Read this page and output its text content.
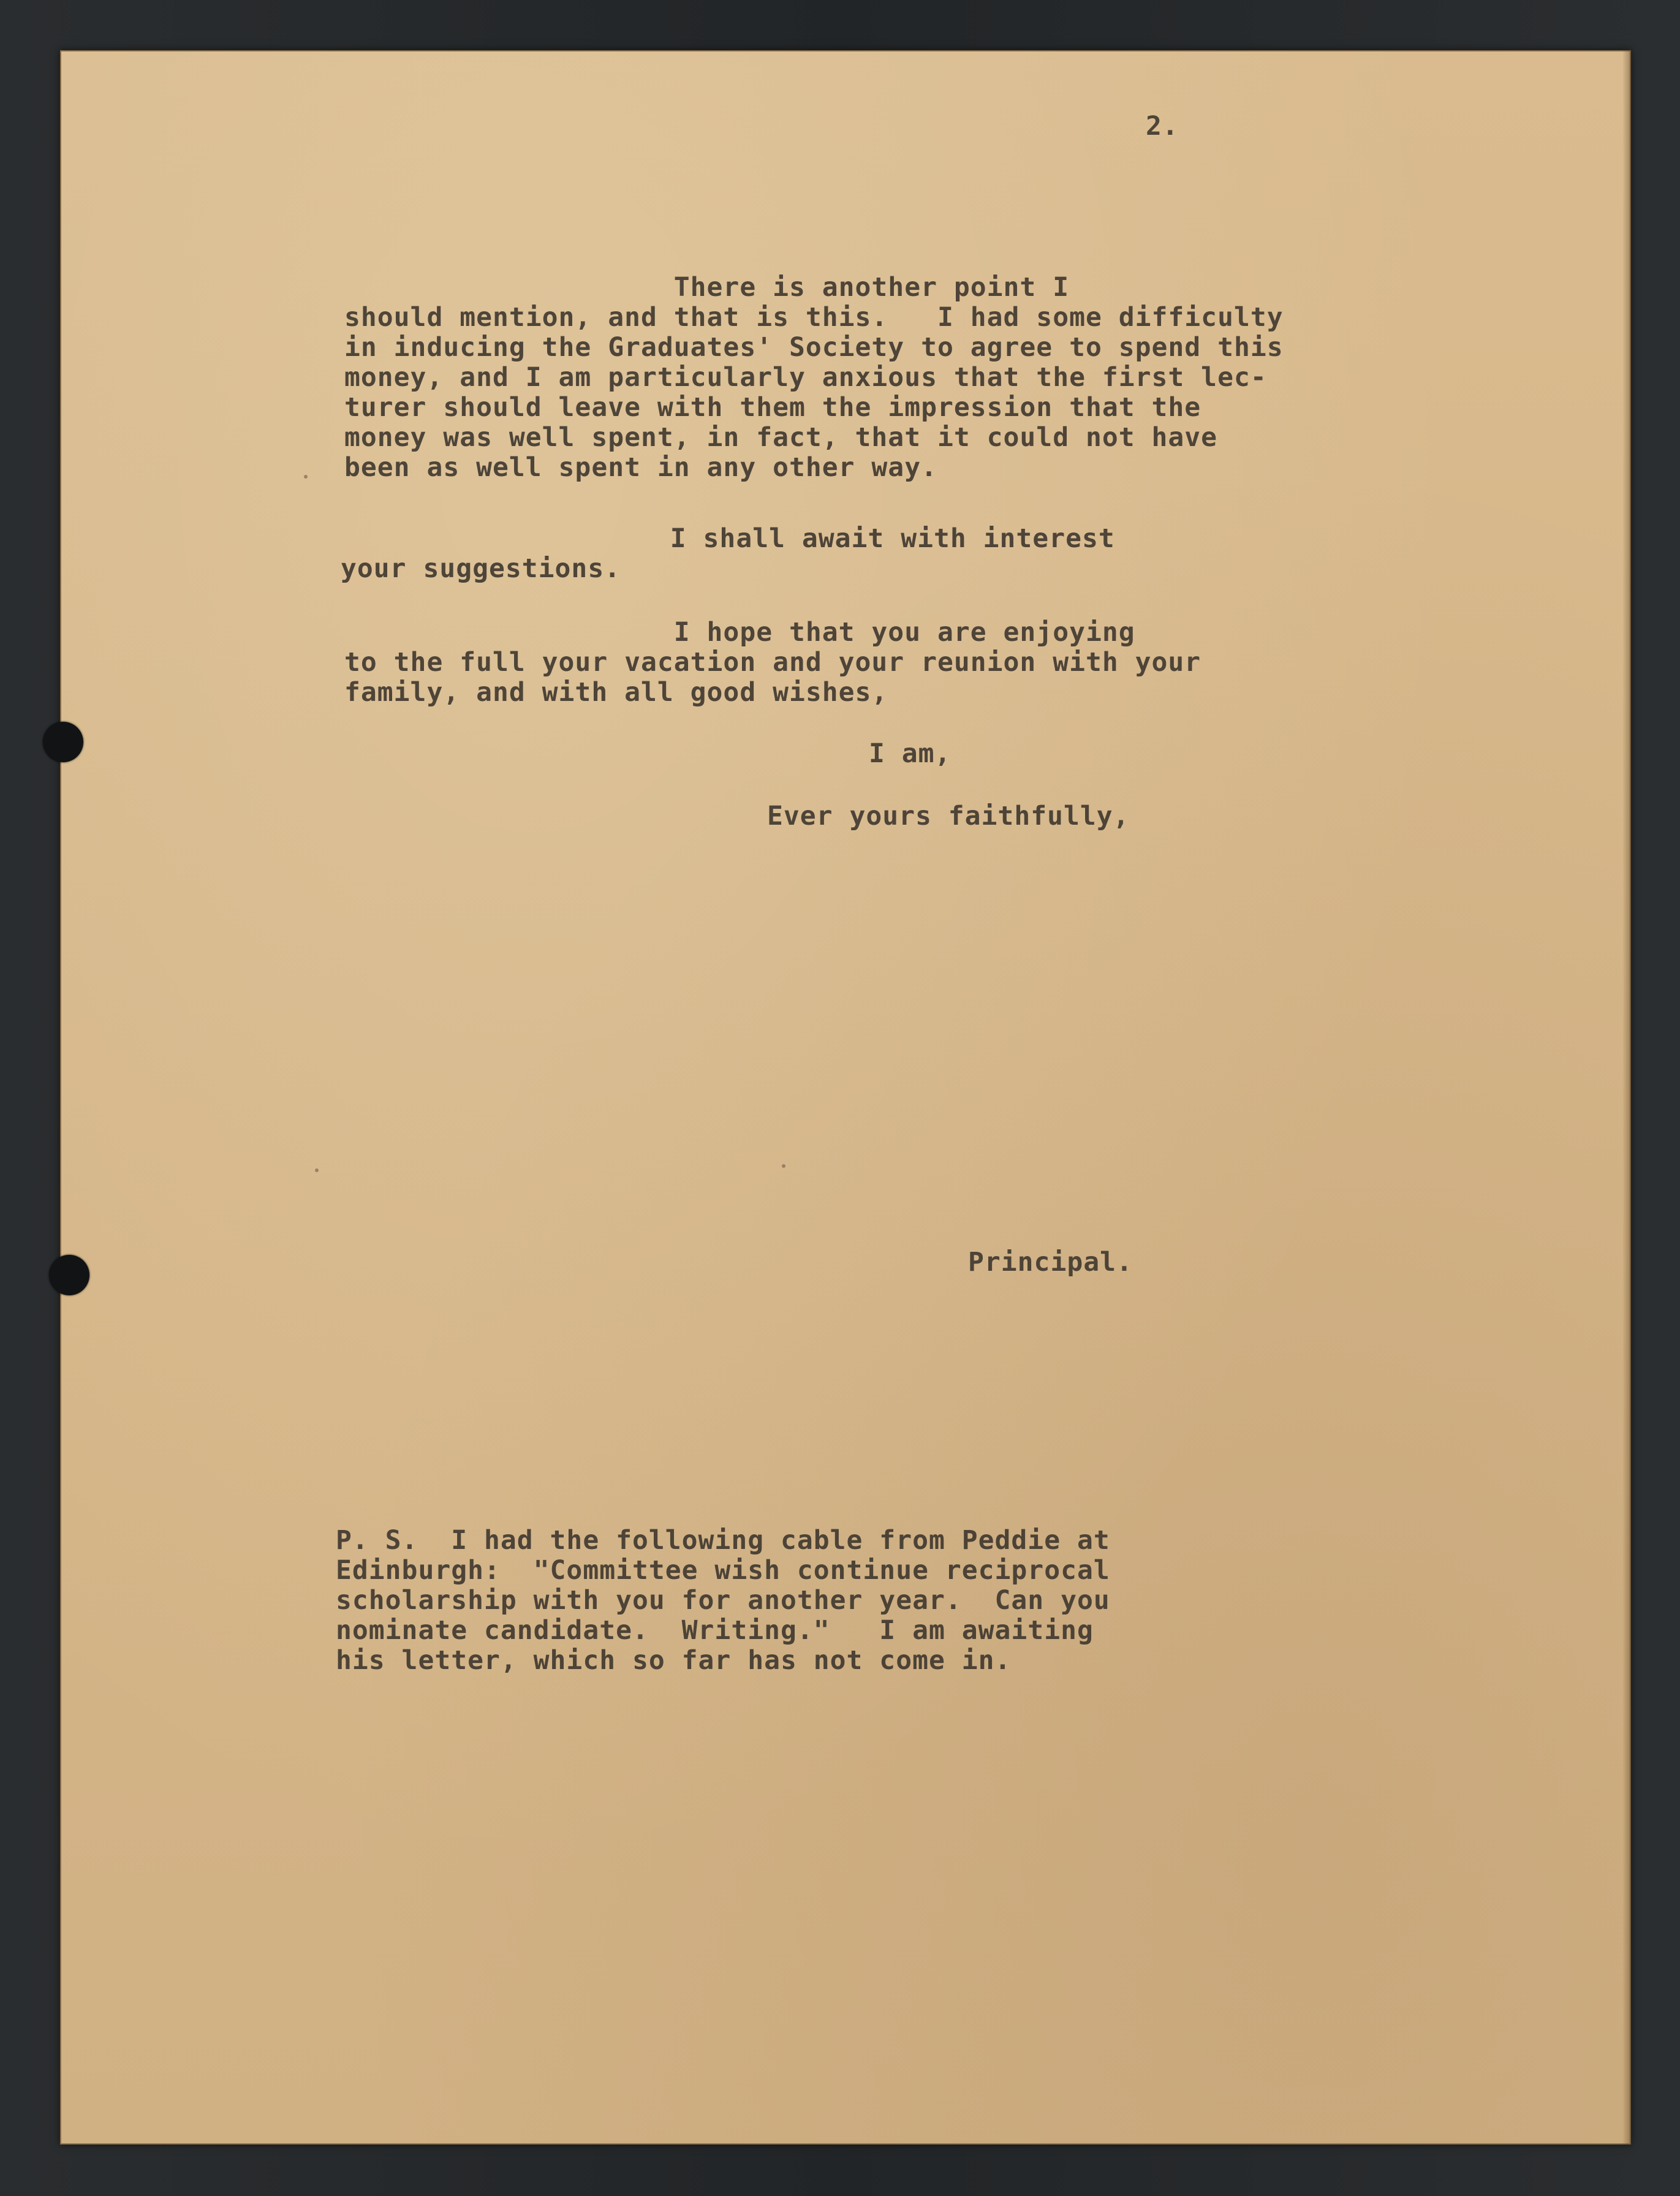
2.
There is another point I
should mention, and that is this.   I had some difficulty
in inducing the Graduates' Society to agree to spend this
money, and I am particularly anxious that the first lec-
turer should leave with them the impression that the
money was well spent, in fact, that it could not have
been as well spent in any other way.
I shall await with interest
your suggestions.
I hope that you are enjoying
to the full your vacation and your reunion with your
family, and with all good wishes,
I am,
Ever yours faithfully,
Principal.
P. S.  I had the following cable from Peddie at
Edinburgh:  "Committee wish continue reciprocal
scholarship with you for another year.  Can you
nominate candidate.  Writing."   I am awaiting
his letter, which so far has not come in.
